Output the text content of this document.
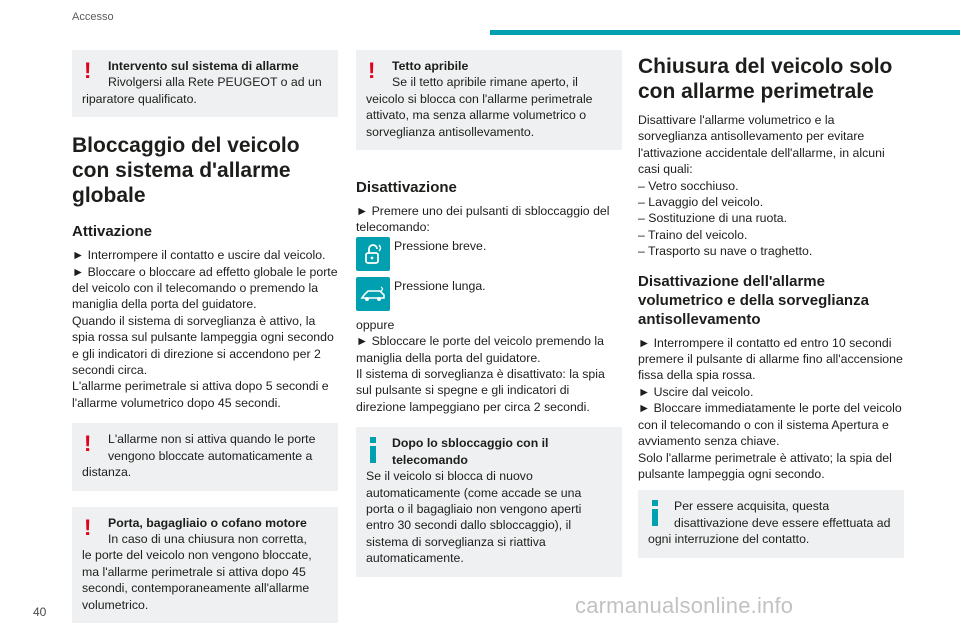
Accesso
! Intervento sul sistema di allarme
Rivolgersi alla Rete PEUGEOT o ad un

riparatore qualificato.

Bloccaggio del veicolo con sistema d'allarme globale
Attivazione

► Interrompere il contatto e uscire dal veicolo.

► Bloccare o bloccare ad effetto globale le porte del veicolo con il telecomando o premendo la maniglia della porta del guidatore.

Quando il sistema di sorveglianza è attivo, la spia rossa sul pulsante lampeggia ogni secondo e gli indicatori di direzione si accendono per 2 secondi circa.

L'allarme perimetrale si attiva dopo 5 secondi e l'allarme volumetrico dopo 45 secondi.

! L'allarme non si attiva quando le porte
vengono bloccate automaticamente a

distanza.

! Porta, bagagliaio o cofano motore
In caso di una chiusura non corretta,

le porte del veicolo non vengono bloccate, ma l'allarme perimetrale si attiva dopo 45 secondi, contemporaneamente all'allarme volumetrico.

! Tetto apribile
Se il tetto apribile rimane aperto, il

veicolo si blocca con l'allarme perimetrale attivato, ma senza allarme volumetrico o sorveglianza antisollevamento.

Disattivazione

► Premere uno dei pulsanti di sbloccaggio del telecomando:

Pressione breve.
Pressione lunga.

oppure

► Sbloccare le porte del veicolo premendo la maniglia della porta del guidatore.

Il sistema di sorveglianza è disattivato: la spia sul pulsante si spegne e gli indicatori di direzione lampeggiano per circa 2 secondi.

Dopo lo sbloccaggio con il
telecomando

Se il veicolo si blocca di nuovo automaticamente (come accade se una porta o il bagagliaio non vengono aperti entro 30 secondi dallo sbloccaggio), il sistema di sorveglianza si riattiva automaticamente.

Chiusura del veicolo solo con allarme perimetrale

Disattivare l'allarme volumetrico e la sorveglianza antisollevamento per evitare l'attivazione accidentale dell'allarme, in alcuni casi quali:

– Vetro socchiuso.

– Lavaggio del veicolo.

– Sostituzione di una ruota.

– Traino del veicolo.

– Trasporto su nave o traghetto.

Disattivazione dell'allarme volumetrico e della sorveglianza antisollevamento

► Interrompere il contatto ed entro 10 secondi premere il pulsante di allarme fino all'accensione fissa della spia rossa.

► Uscire dal veicolo.

► Bloccare immediatamente le porte del veicolo con il telecomando o con il sistema Apertura e avviamento senza chiave.

Solo l'allarme perimetrale è attivato; la spia del pulsante lampeggia ogni secondo.

Per essere acquisita, questa
disattivazione deve essere effettuata ad

ogni interruzione del contatto.

40	carmanualsonline.info
